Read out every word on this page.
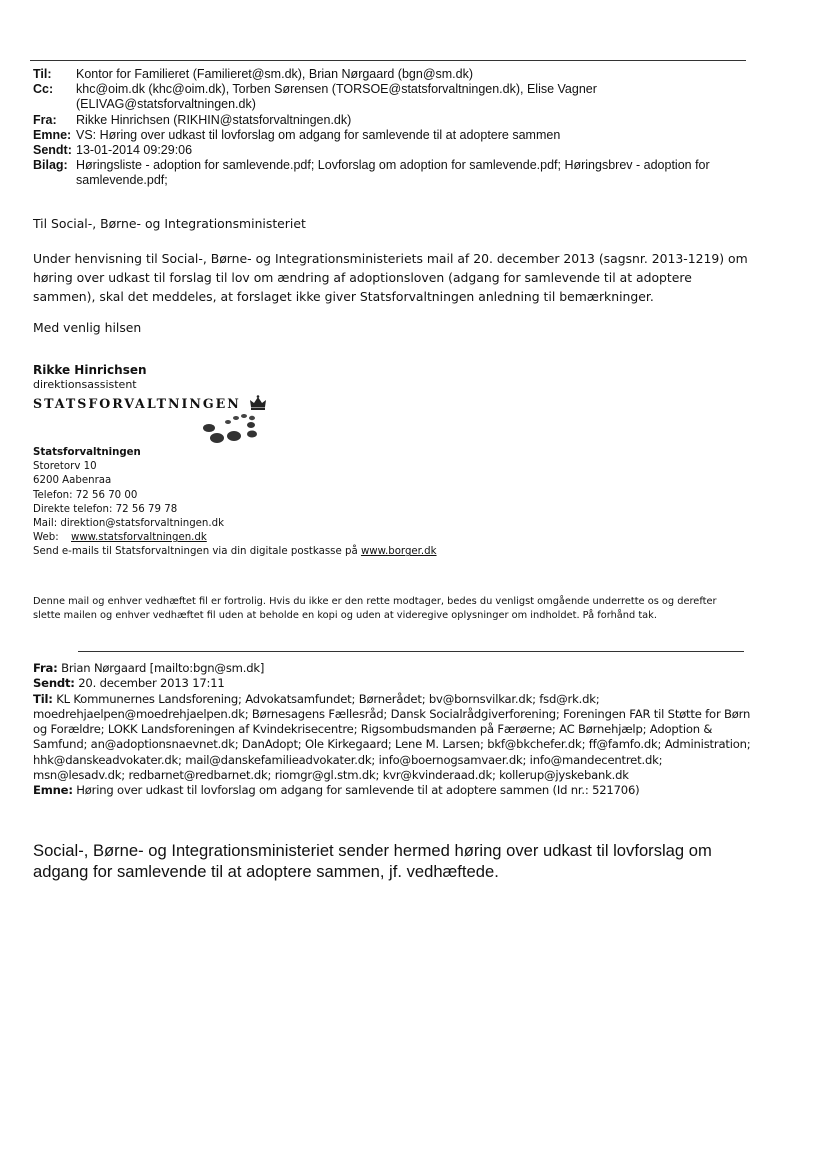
Til:	Kontor for Familieret (Familieret@sm.dk), Brian Nørgaard (bgn@sm.dk)
Cc:	khc@oim.dk (khc@oim.dk), Torben Sørensen (TORSOE@statsforvaltningen.dk), Elise Vagner (ELIVAG@statsforvaltningen.dk)
Fra:	Rikke Hinrichsen (RIKHIN@statsforvaltningen.dk)
Emne: VS: Høring over udkast til lovforslag om adgang for samlevende til at adoptere sammen
Sendt: 13-01-2014 09:29:06
Bilag: Høringsliste - adoption for samlevende.pdf; Lovforslag om adoption for samlevende.pdf; Høringsbrev - adoption for samlevende.pdf;
Til Social-, Børne- og Integrationsministeriet
Under henvisning til Social-, Børne- og Integrationsministeriets mail af 20. december 2013 (sagsnr. 2013-1219) om høring over udkast til forslag til lov om ændring af adoptionsloven (adgang for samlevende til at adoptere sammen), skal det meddeles, at forslaget ikke giver Statsforvaltningen anledning til bemærkninger.
Med venlig hilsen
Rikke Hinrichsen
direktionsassistent
STATSFORVALTNINGEN
Statsforvaltningen
Storetorv 10
6200 Aabenraa
Telefon: 72 56 70 00
Direkte telefon: 72 56 79 78
Mail: direktion@statsforvaltningen.dk
Web: www.statsforvaltningen.dk
Send e-mails til Statsforvaltningen via din digitale postkasse på www.borger.dk
Denne mail og enhver vedhæftet fil er fortrolig. Hvis du ikke er den rette modtager, bedes du venligst omgående underrette os og derefter slette mailen og enhver vedhæftet fil uden at beholde en kopi og uden at videregive oplysninger om indholdet. På forhånd tak.
Fra: Brian Nørgaard [mailto:bgn@sm.dk]
Sendt: 20. december 2013 17:11
Til: KL Kommunernes Landsforening; Advokatsamfundet; Børnerådet; bv@bornsvilkar.dk; fsd@rk.dk; moedrehjaelpen@moedrehjaelpen.dk; Børnesagens Fællesråd; Dansk Socialrådgiverforening; Foreningen FAR til Støtte for Børn og Forældre; LOKK Landsforeningen af Kvindekrisecentre; Rigsombudsmanden på Færøerne; AC Børnehjælp; Adoption & Samfund; an@adoptionsnaevnet.dk; DanAdopt; Ole Kirkegaard; Lene M. Larsen; bkf@bkchefer.dk; ff@famfo.dk; Administration; hhk@danskeadvokater.dk; mail@danskefamilieadvokater.dk; info@boernogsamvaer.dk; info@mandecentret.dk; msn@lesadv.dk; redbarnet@redbarnet.dk; riomgr@gl.stm.dk; kvr@kvinderaad.dk; kollerup@jyskebank.dk
Emne: Høring over udkast til lovforslag om adgang for samlevende til at adoptere sammen (Id nr.: 521706)
Social-, Børne- og Integrationsministeriet sender hermed høring over udkast til lovforslag om adgang for samlevende til at adoptere sammen, jf. vedhæftede.
